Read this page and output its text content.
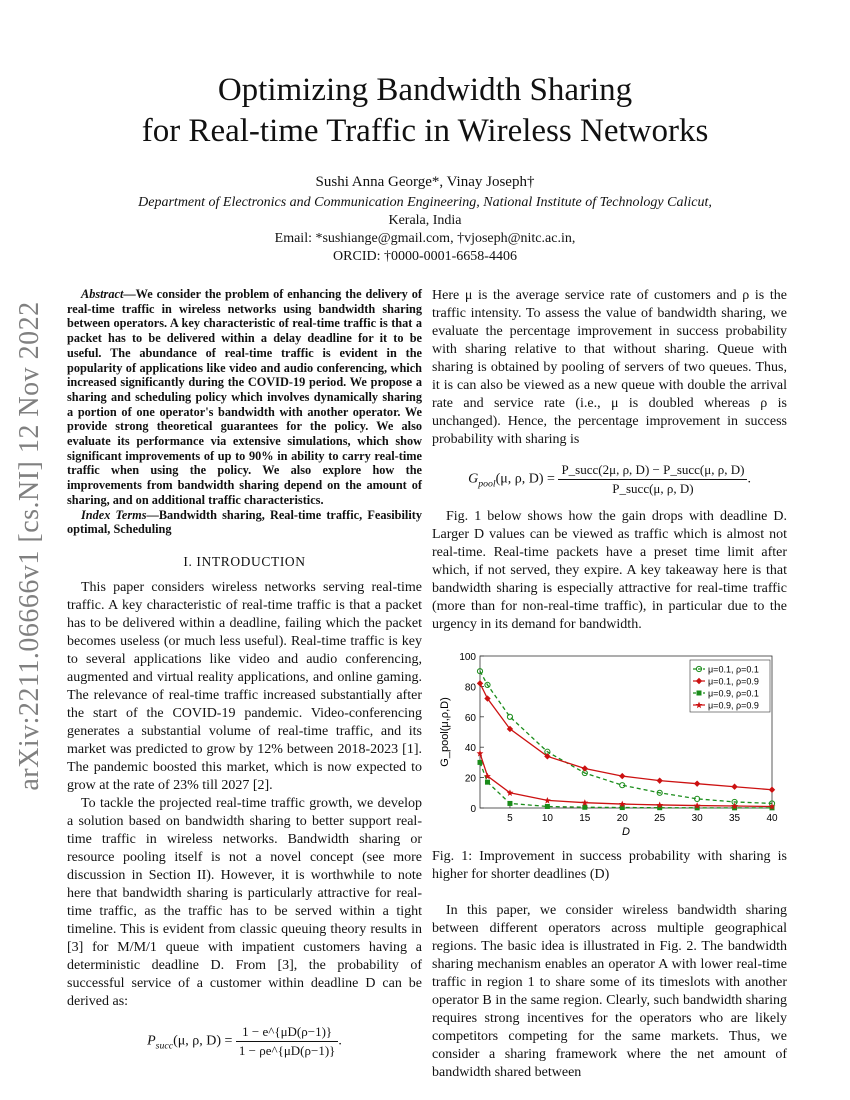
arXiv:2211.06666v1 [cs.NI] 12 Nov 2022
Optimizing Bandwidth Sharing
for Real-time Traffic in Wireless Networks
Sushi Anna George*, Vinay Joseph†
Department of Electronics and Communication Engineering, National Institute of Technology Calicut,
Kerala, India
Email: *sushiange@gmail.com, †vjoseph@nitc.ac.in,
ORCID: †0000-0001-6658-4406
Abstract—We consider the problem of enhancing the delivery of real-time traffic in wireless networks using bandwidth sharing between operators. A key characteristic of real-time traffic is that a packet has to be delivered within a delay deadline for it to be useful. The abundance of real-time traffic is evident in the popularity of applications like video and audio conferencing, which increased significantly during the COVID-19 period. We propose a sharing and scheduling policy which involves dynamically sharing a portion of one operator's bandwidth with another operator. We provide strong theoretical guarantees for the policy. We also evaluate its performance via extensive simulations, which show significant improvements of up to 90% in ability to carry real-time traffic when using the policy. We also explore how the improvements from bandwidth sharing depend on the amount of sharing, and on additional traffic characteristics.
Index Terms—Bandwidth sharing, Real-time traffic, Feasibility optimal, Scheduling
I. INTRODUCTION

This paper considers wireless networks serving real-time traffic. A key characteristic of real-time traffic is that a packet has to be delivered within a deadline, failing which the packet becomes useless (or much less useful). Real-time traffic is key to several applications like video and audio conferencing, augmented and virtual reality applications, and online gaming. The relevance of real-time traffic increased substantially after the start of the COVID-19 pandemic. Video-conferencing generates a substantial volume of real-time traffic, and its market was predicted to grow by 12% between 2018-2023 [1]. The pandemic boosted this market, which is now expected to grow at the rate of 23% till 2027 [2].

To tackle the projected real-time traffic growth, we develop a solution based on bandwidth sharing to better support real-time traffic in wireless networks. Bandwidth sharing or resource pooling itself is not a novel concept (see more discussion in Section II). However, it is worthwhile to note here that bandwidth sharing is particularly attractive for real-time traffic, as the traffic has to be served within a tight timeline. This is evident from classic queuing theory results in [3] for M/M/1 queue with impatient customers having a deterministic deadline D. From [3], the probability of successful service of a customer within deadline D can be derived as:

$P_{succ}(\mu$, ρ, $D) = \frac{1 - e\^{}\{\mu D(\rho-1)\}}{1 - \rho e\^{}\{\mu D(\rho-1)\}}$ .

Here μ is the average service rate of customers and ρ is the traffic intensity. To assess the value of bandwidth sharing, we evaluate the percentage improvement in success probability with sharing relative to that without sharing. Queue with sharing is obtained by pooling of servers of two queues. Thus, it is can also be viewed as a new queue with double the arrival rate and service rate (i.e., μ is doubled whereas ρ is unchanged). Hence, the percentage improvement in success probability with sharing is

$G_{pool}(\mu$, ρ, $D) = \frac{\text{P\_succ(2μ, ρ, D) − P\_succ(μ, ρ, D)}}{\text{P\_succ(μ, ρ, D)}}$ .

Fig. 1 below shows how the gain drops with deadline D. Larger D values can be viewed as traffic which is almost not real-time. Real-time packets have a preset time limit after which, if not served, they expire. A key takeaway here is that bandwidth sharing is especially attractive for real-time traffic (more than for non-real-time traffic), in particular due to the urgency in its demand for bandwidth.

0
20
40
60
80
100
5	10	15	20	25	30	35	40
D
G_pool(μ,ρ,D)
μ=0.1, ρ=0.1
μ=0.1, ρ=0.9
μ=0.9, ρ=0.1
μ=0.9, ρ=0.9
Fig. 1: Improvement in success probability with sharing is higher for shorter deadlines (D)

In this paper, we consider wireless bandwidth sharing between different operators across multiple geographical regions. The basic idea is illustrated in Fig. 2. The bandwidth sharing mechanism enables an operator A with lower real-time traffic in region 1 to share some of its timeslots with another operator B in the same region. Clearly, such bandwidth sharing requires strong incentives for the operators who are likely competitors competing for the same markets. Thus, we consider a sharing framework where the net amount of bandwidth shared between
